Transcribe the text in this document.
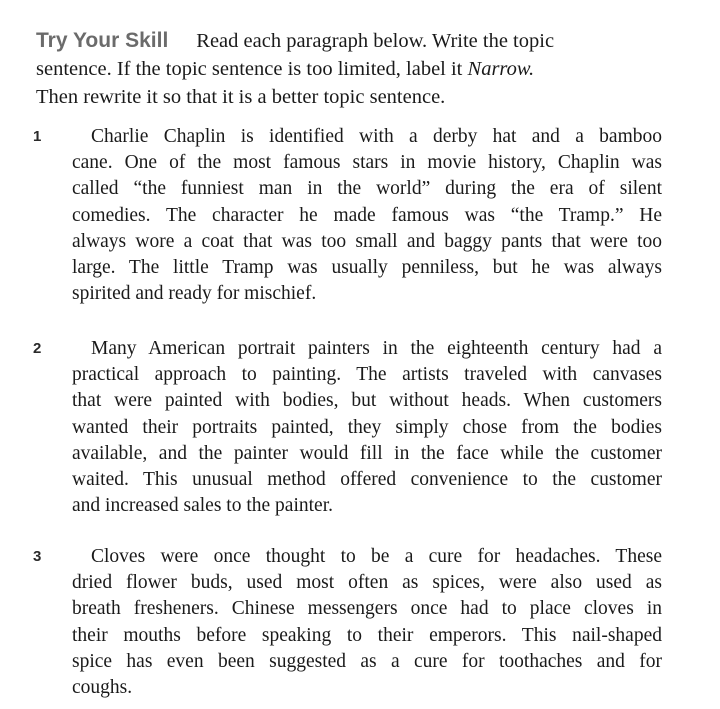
Try Your Skill Read each paragraph below. Write the topic
sentence. If the topic sentence is too limited, label it Narrow.
Then rewrite it so that it is a better topic sentence.
1	Charlie Chaplin is identified with a derby hat and a bamboo
cane. One of the most famous stars in movie history, Chaplin was
called “the funniest man in the world” during the era of silent
comedies. The character he made famous was “the Tramp.” He
always wore a coat that was too small and baggy pants that were too
large. The little Tramp was usually penniless, but he was always
spirited and ready for mischief.
2	Many American portrait painters in the eighteenth century had a
practical approach to painting. The artists traveled with canvases
that were painted with bodies, but without heads. When customers
wanted their portraits painted, they simply chose from the bodies
available, and the painter would fill in the face while the customer
waited. This unusual method offered convenience to the customer
and increased sales to the painter.
3	Cloves were once thought to be a cure for headaches. These
dried flower buds, used most often as spices, were also used as
breath fresheners. Chinese messengers once had to place cloves in
their mouths before speaking to their emperors. This nail-shaped
spice has even been suggested as a cure for toothaches and for
coughs.
